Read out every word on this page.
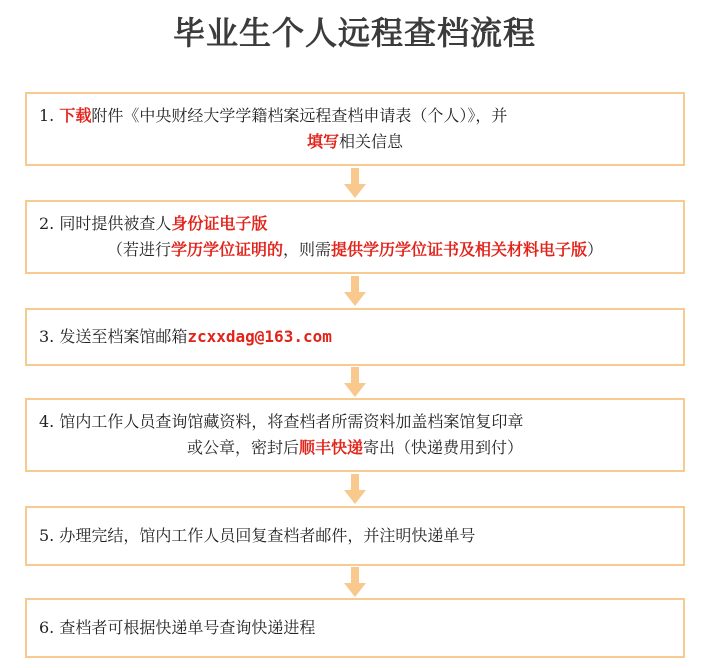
毕业生个人远程查档流程
1. 下载附件《中央财经大学学籍档案远程查档申请表（个人）》，并
填写相关信息
2. 同时提供被查人身份证电子版
（若进行学历学位证明的，则需提供学历学位证书及相关材料电子版）
3. 发送至档案馆邮箱zcxxdag@163.com
4. 馆内工作人员查询馆藏资料，将查档者所需资料加盖档案馆复印章
或公章，密封后顺丰快递寄出（快递费用到付）
5. 办理完结，馆内工作人员回复查档者邮件，并注明快递单号
6. 查档者可根据快递单号查询快递进程
